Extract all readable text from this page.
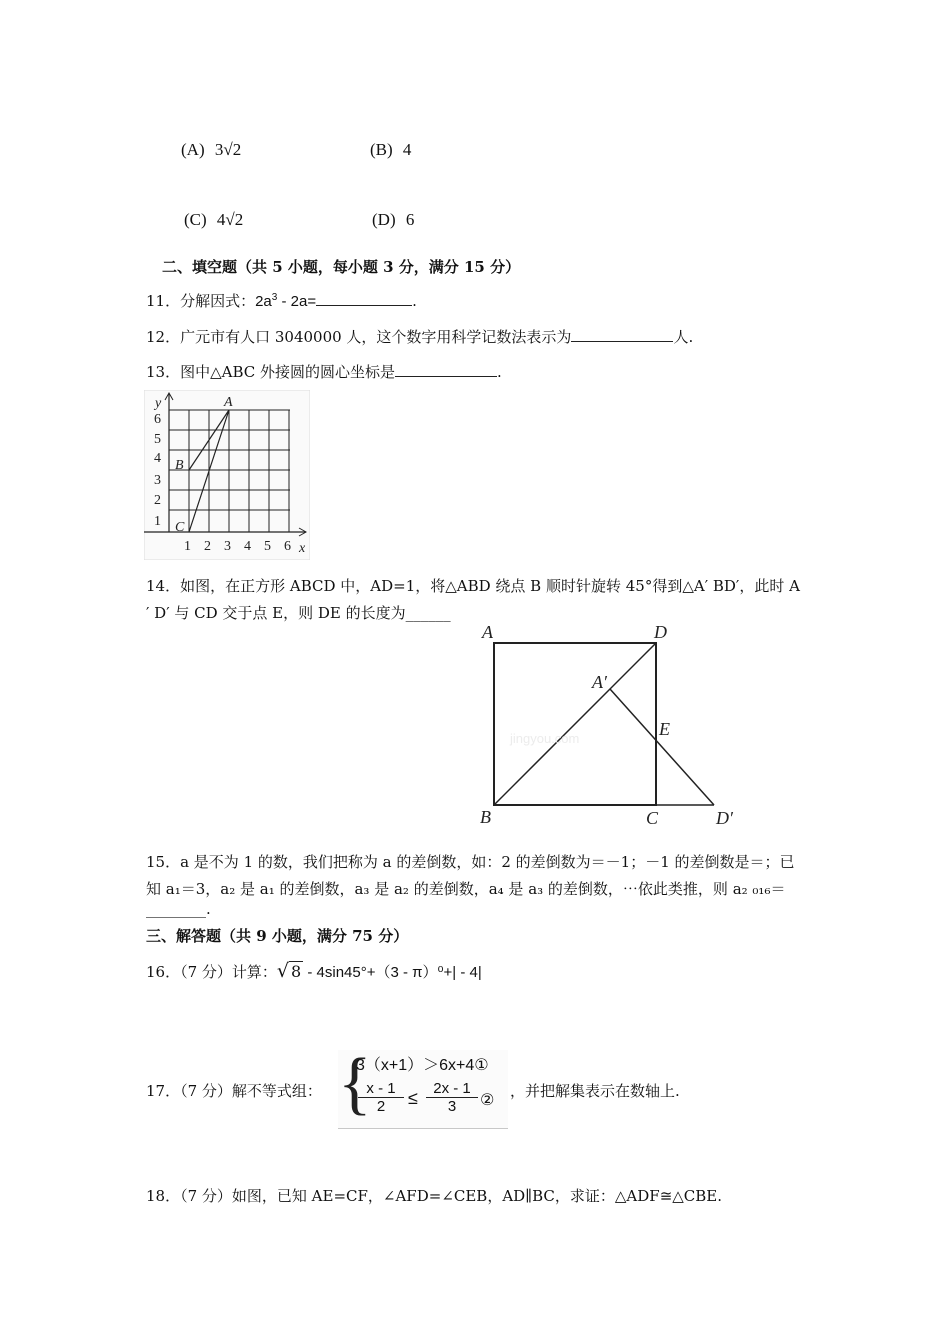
(A) 3√2	(B) 4
(C) 4√2	(D) 6
二、填空题（共 5 小题，每小题 3 分，满分 15 分）
11．分解因式：$2a^3 - 2a=$	.
12．广元市有人口 3040000 人，这个数字用科学记数法表示为	人.
13．图中△ABC 外接圆的圆心坐标是	.
y
x
1
2
3
4
5
6
1 2 3 4 5 6
A
B
C
14．如图，在正方形 ABCD 中，AD=1，将△ABD 绕点 B 顺时针旋转 45°得到△A′ BD′，此时 A
′ D′ 与 CD 交于点 E，则 DE 的长度为______
jingyou.com
A	D
A′
E
B	C	D′
15．a 是不为 1 的数，我们把称为 a 的差倒数，如：2 的差倒数为＝－1；－1 的差倒数是＝；已
知 a₁＝3，a₂ 是 a₁ 的差倒数，a₃ 是 a₂ 的差倒数，a₄ 是 a₃ 的差倒数，⋯依此类推，则 a₂ ₀₁₆＝
________.
三、解答题（共 9 小题，满分 75 分）
16．（7 分）计算：√ 8 - 4sin45°+（3 - π）⁰+| - 4|
17．（7 分）解不等式组： {
3（x+1）＞6x+4①
$\frac{x - 1}{2} \le \frac{2x - 1}{3}$ ②
，并把解集表示在数轴上.
18．（7 分）如图，已知 AE=CF，∠AFD=∠CEB，AD∥BC，求证：△ADF≅△CBE.
